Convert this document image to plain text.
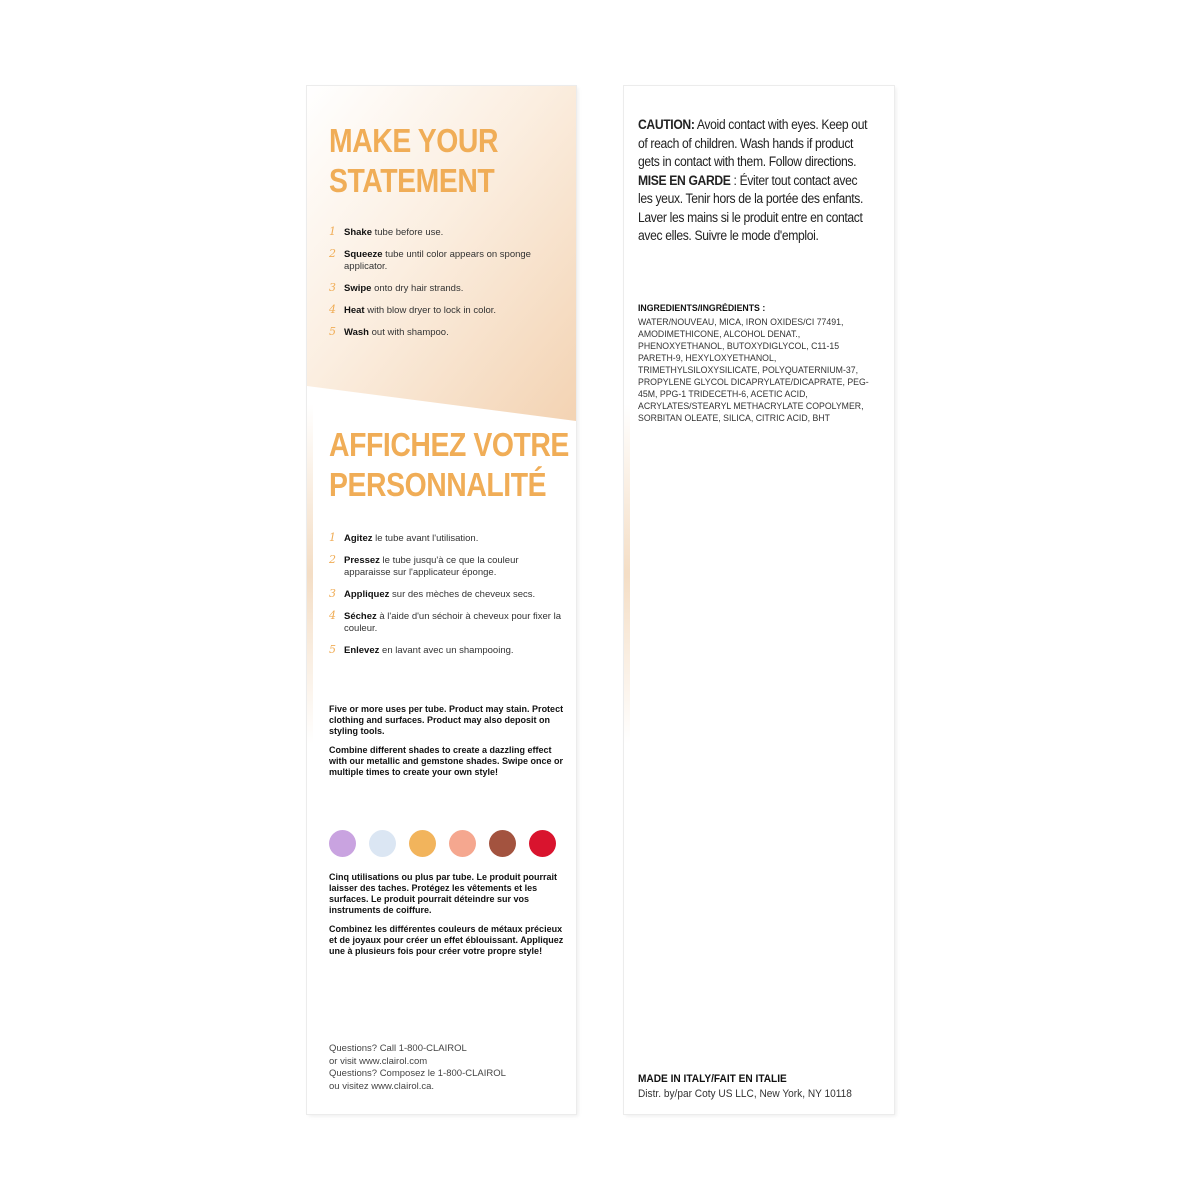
MAKE YOUR
STATEMENT
1 Shake tube before use.
2 Squeeze tube until color appears on sponge applicator.
3 Swipe onto dry hair strands.
4 Heat with blow dryer to lock in color.
5 Wash out with shampoo.
AFFICHEZ VOTRE
PERSONNALITÉ
1 Agitez le tube avant l'utilisation.
2 Pressez le tube jusqu'à ce que la couleur apparaisse sur l'applicateur éponge.
3 Appliquez sur des mèches de cheveux secs.
4 Séchez à l'aide d'un séchoir à cheveux pour fixer la couleur.
5 Enlevez en lavant avec un shampooing.

Five or more uses per tube. Product may stain. Protect clothing and surfaces. Product may also deposit on styling tools.

Combine different shades to create a dazzling effect with our metallic and gemstone shades. Swipe once or multiple times to create your own style!

Cinq utilisations ou plus par tube. Le produit pourrait laisser des taches. Protégez les vêtements et les surfaces. Le produit pourrait déteindre sur vos instruments de coiffure.

Combinez les différentes couleurs de métaux précieux et de joyaux pour créer un effet éblouissant. Appliquez une à plusieurs fois pour créer votre propre style!

Questions? Call 1-800-CLAIROL

or visit www.clairol.com

Questions? Composez le 1-800-CLAIROL

ou visitez www.clairol.ca.

CAUTION: Avoid contact with eyes. Keep out of reach of children. Wash hands if product gets in contact with them. Follow directions.

MISE EN GARDE : Éviter tout contact avec les yeux. Tenir hors de la portée des enfants. Laver les mains si le produit entre en contact avec elles. Suivre le mode d'emploi.

INGREDIENTS/INGRÉDIENTS :

WATER/NOUVEAU, MICA, IRON OXIDES/CI 77491, AMODIMETHICONE, ALCOHOL DENAT., PHENOXYETHANOL, BUTOXYDIGLYCOL, C11-15 PARETH-9, HEXYLOXYETHANOL, TRIMETHYLSILOXYSILICATE, POLYQUATERNIUM-37, PROPYLENE GLYCOL DICAPRYLATE/DICAPRATE, PEG-45M, PPG-1 TRIDECETH-6, ACETIC ACID, ACRYLATES/STEARYL METHACRYLATE COPOLYMER, SORBITAN OLEATE, SILICA, CITRIC ACID, BHT

MADE IN ITALY/FAIT EN ITALIE

Distr. by/par Coty US LLC, New York, NY 10118
